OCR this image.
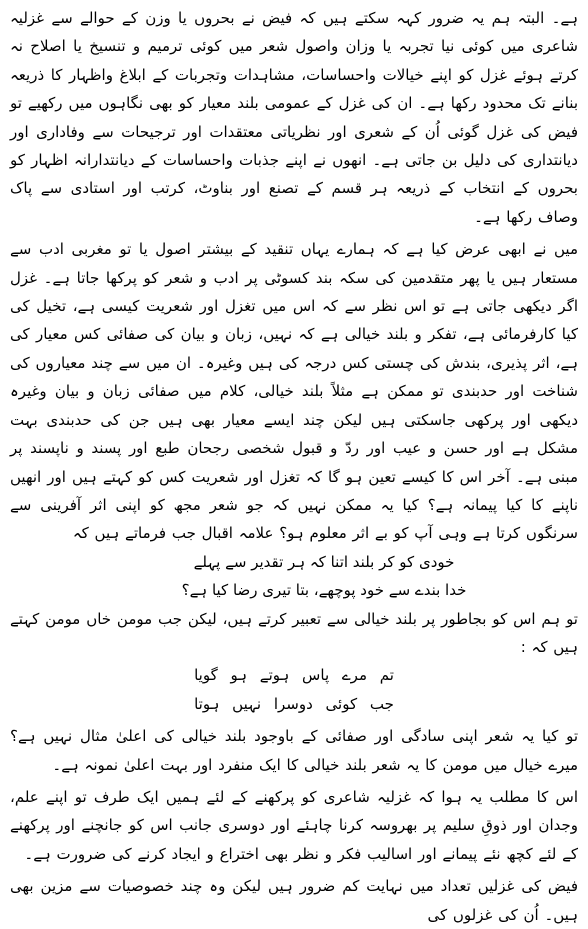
ہے۔ البتہ ہم یہ ضرور کہہ سکتے ہیں کہ فیض نے بحروں یا وزن کے حوالے سے غزلیہ شاعری میں کوئی نیا تجربہ یا وزان واصول شعر میں کوئی ترمیم و تنسیخ یا اصلاح نہ کرتے ہوئے غزل کو اپنے خیالات واحساسات، مشاہدات وتجربات کے ابلاغ واظہار کا ذریعہ بنانے تک محدود رکھا ہے۔ ان کی غزل کے عمومی بلند معیار کو بھی نگاہوں میں رکھیے تو فیض کی غزل گوئی اُن کے شعری اور نظریاتی معتقدات اور ترجیحات سے وفاداری اور دیانتداری کی دلیل بن جاتی ہے۔ انھوں نے اپنے جذبات واحساسات کے دیانتدارانہ اظہار کو بحروں کے انتخاب کے ذریعہ ہر قسم کے تصنع اور بناوٹ، کرتب اور استادی سے پاک وصاف رکھا ہے۔

میں نے ابھی عرض کیا ہے کہ ہمارے یہاں تنقید کے بیشتر اصول یا تو مغربی ادب سے مستعار ہیں یا پھر متقدمین کی سکہ بند کسوٹی پر ادب و شعر کو پرکھا جاتا ہے۔ غزل اگر دیکھی جاتی ہے تو اس نظر سے کہ اس میں تغزل اور شعریت کیسی ہے، تخیل کی کیا کارفرمائی ہے، تفکر و بلند خیالی ہے کہ نہیں، زبان و بیان کی صفائی کس معیار کی ہے، اثر پذیری، بندش کی چستی کس درجہ کی ہیں وغیرہ۔ ان میں سے چند معیاروں کی شناخت اور حدبندی تو ممکن ہے مثلاً بلند خیالی، کلام میں صفائی زبان و بیان وغیرہ دیکھی اور پرکھی جاسکتی ہیں لیکن چند ایسے معیار بھی ہیں جن کی حدبندی بہت مشکل ہے اور حسن و عیب اور ردّ و قبول شخصی رجحان طبع اور پسند و ناپسند پر مبنی ہے۔ آخر اس کا کیسے تعین ہو گا کہ تغزل اور شعریت کس کو کہتے ہیں اور انھیں ناپنے کا کیا پیمانہ ہے؟ کیا یہ ممکن نہیں کہ جو شعر مجھ کو اپنی اثر آفرینی سے سرنگوں کرتا ہے وہی آپ کو بے اثر معلوم ہو؟ علامہ اقبال جب فرماتے ہیں کہ

خودی کو کر بلند اتنا کہ ہر تقدیر سے پہلے
خدا بندے سے خود پوچھے، بتا تیری رضا کیا ہے؟

تو ہم اس کو بجاطور پر بلند خیالی سے تعبیر کرتے ہیں، لیکن جب مومن خاں مومن کہتے ہیں کہ :

تم مرے پاس ہوتے ہو گویا
جب کوئی دوسرا نہیں ہوتا

تو کیا یہ شعر اپنی سادگی اور صفائی کے باوجود بلند خیالی کی اعلیٰ مثال نہیں ہے؟ میرے خیال میں مومن کا یہ شعر بلند خیالی کا ایک منفرد اور بہت اعلیٰ نمونہ ہے۔

اس کا مطلب یہ ہوا کہ غزلیہ شاعری کو پرکھنے کے لئے ہمیں ایک طرف تو اپنے علم، وجدان اور ذوقِ سلیم پر بھروسہ کرنا چاہئے اور دوسری جانب اس کو جانچنے اور پرکھنے کے لئے کچھ نئے پیمانے اور اسالیب فکر و نظر بھی اختراع و ایجاد کرنے کی ضرورت ہے۔

فیض کی غزلیں تعداد میں نہایت کم ضرور ہیں لیکن وہ چند خصوصیات سے مزین بھی ہیں۔ اُن کی غزلوں کی
